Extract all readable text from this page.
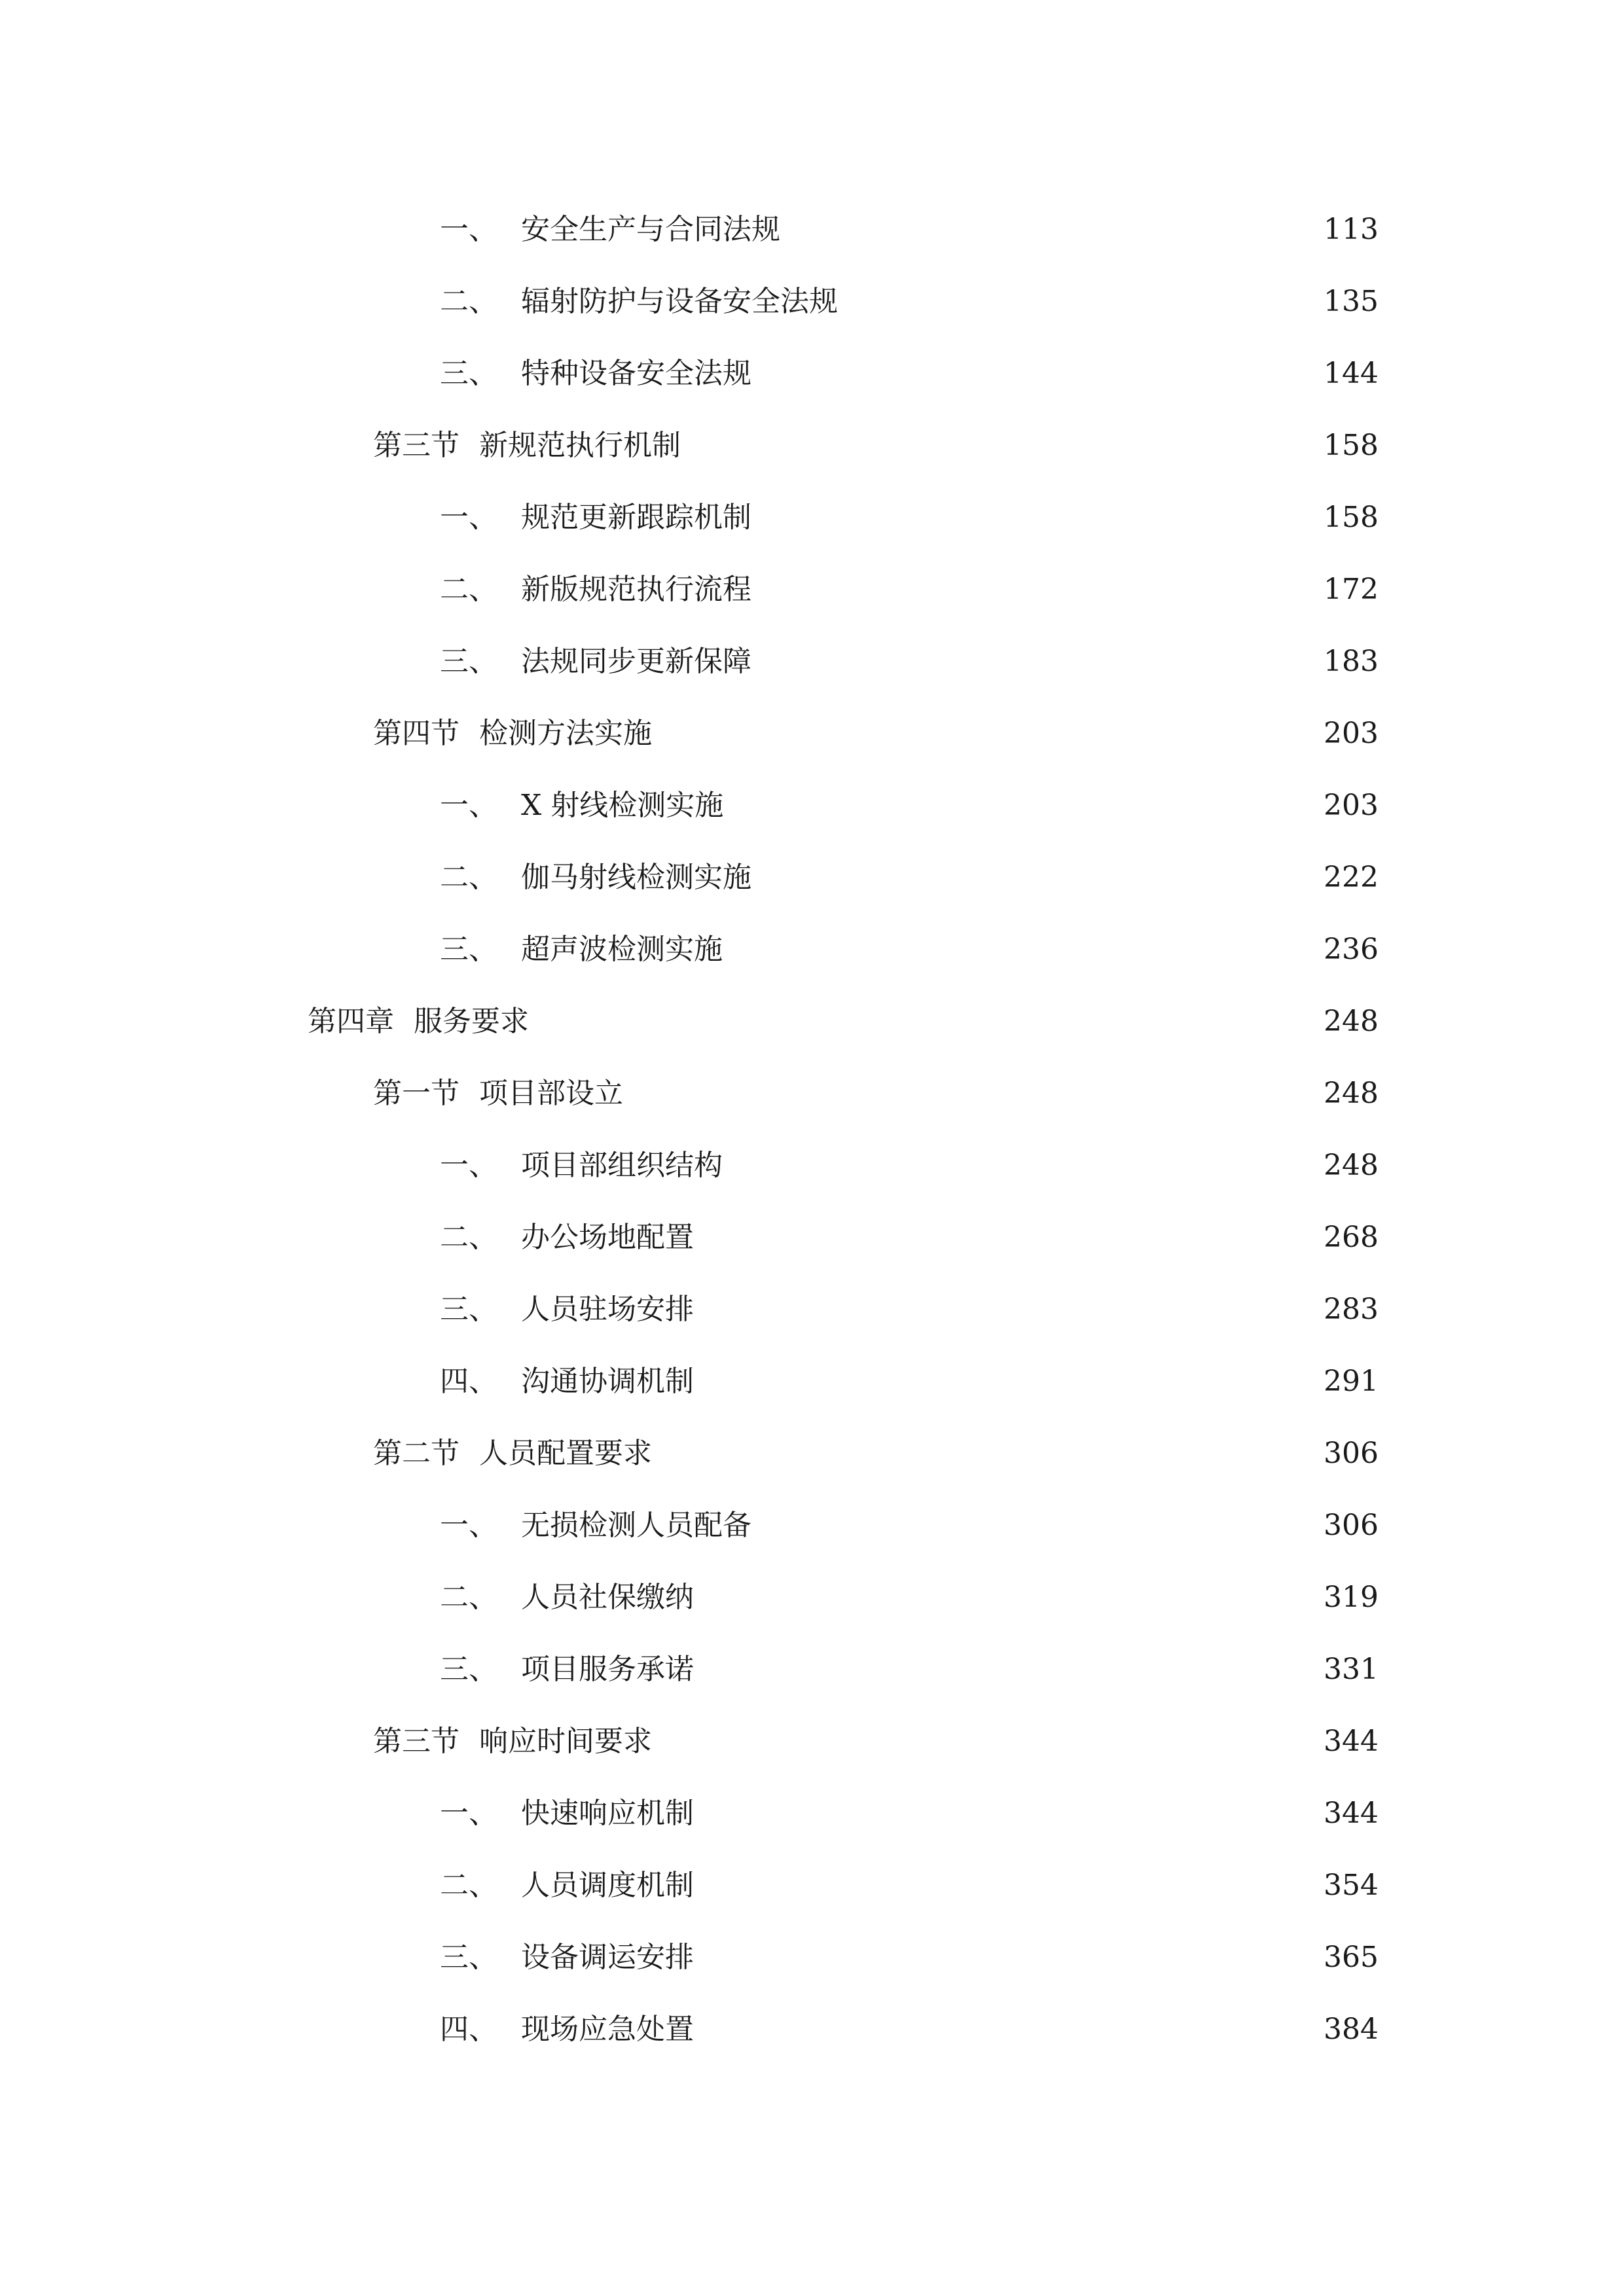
一、 安全生产与合同法规	113
二、 辐射防护与设备安全法规	135
三、 特种设备安全法规	144
第三节 新规范执行机制	158
一、 规范更新跟踪机制	158
二、 新版规范执行流程	172
三、 法规同步更新保障	183
第四节 检测方法实施	203
一、 X 射线检测实施	203
二、 伽马射线检测实施	222
三、 超声波检测实施	236
第四章 服务要求	248
第一节 项目部设立	248
一、 项目部组织结构	248
二、 办公场地配置	268
三、 人员驻场安排	283
四、 沟通协调机制	291
第二节 人员配置要求	306
一、 无损检测人员配备	306
二、 人员社保缴纳	319
三、 项目服务承诺	331
第三节 响应时间要求	344
一、 快速响应机制	344
二、 人员调度机制	354
三、 设备调运安排	365
四、 现场应急处置	384
